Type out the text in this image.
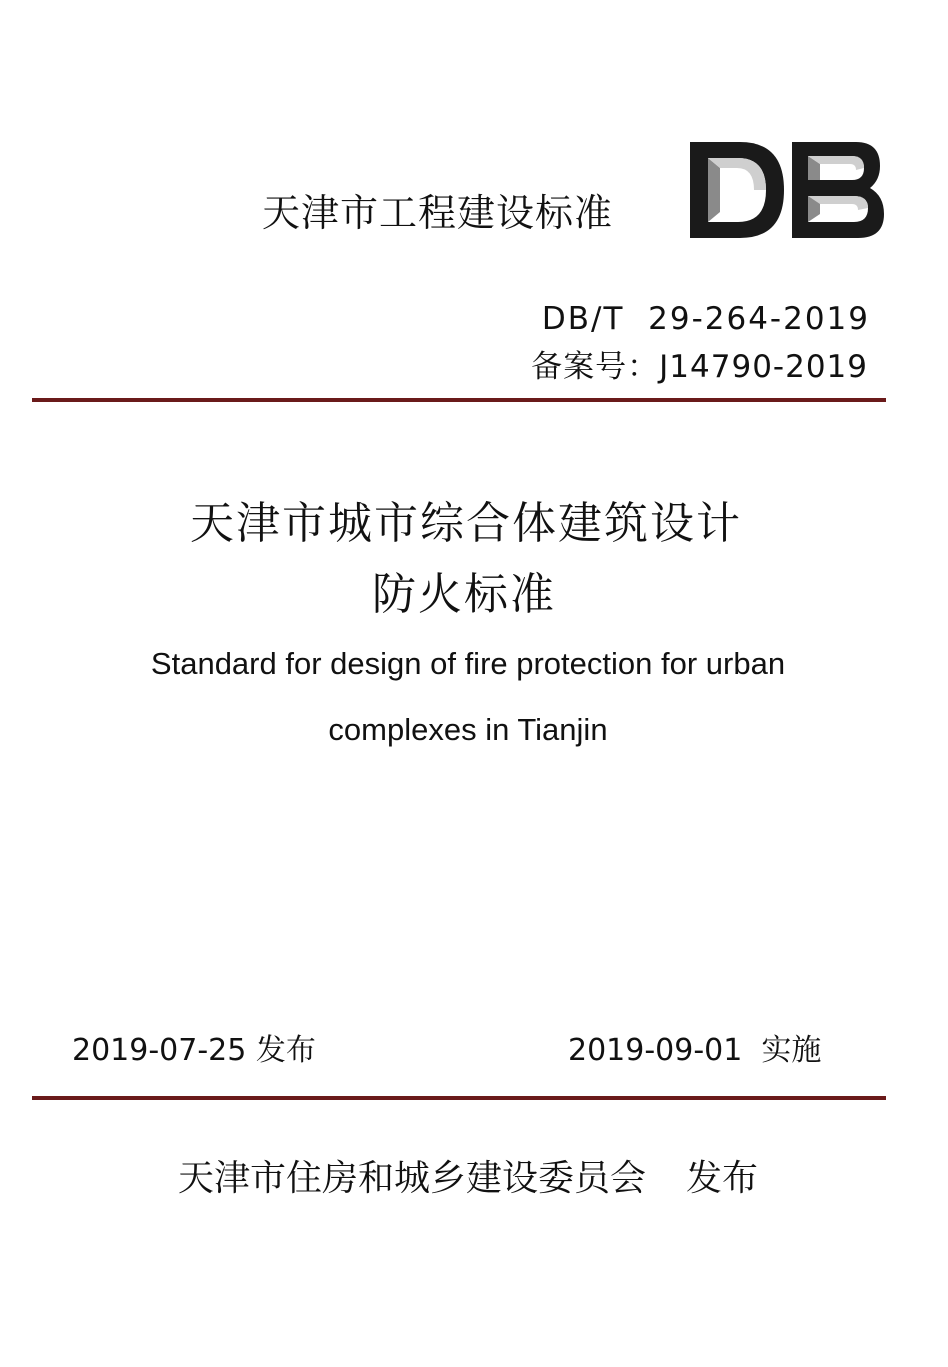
天津市工程建设标准
DB/T  29-264-2019
备案号：J14790-2019
天津市城市综合体建筑设计
防火标准
Standard for design of fire protection for urban
complexes in Tianjin
2019-07-25 发布	2019-09-01  实施
天津市住房和城乡建设委员会 发布
